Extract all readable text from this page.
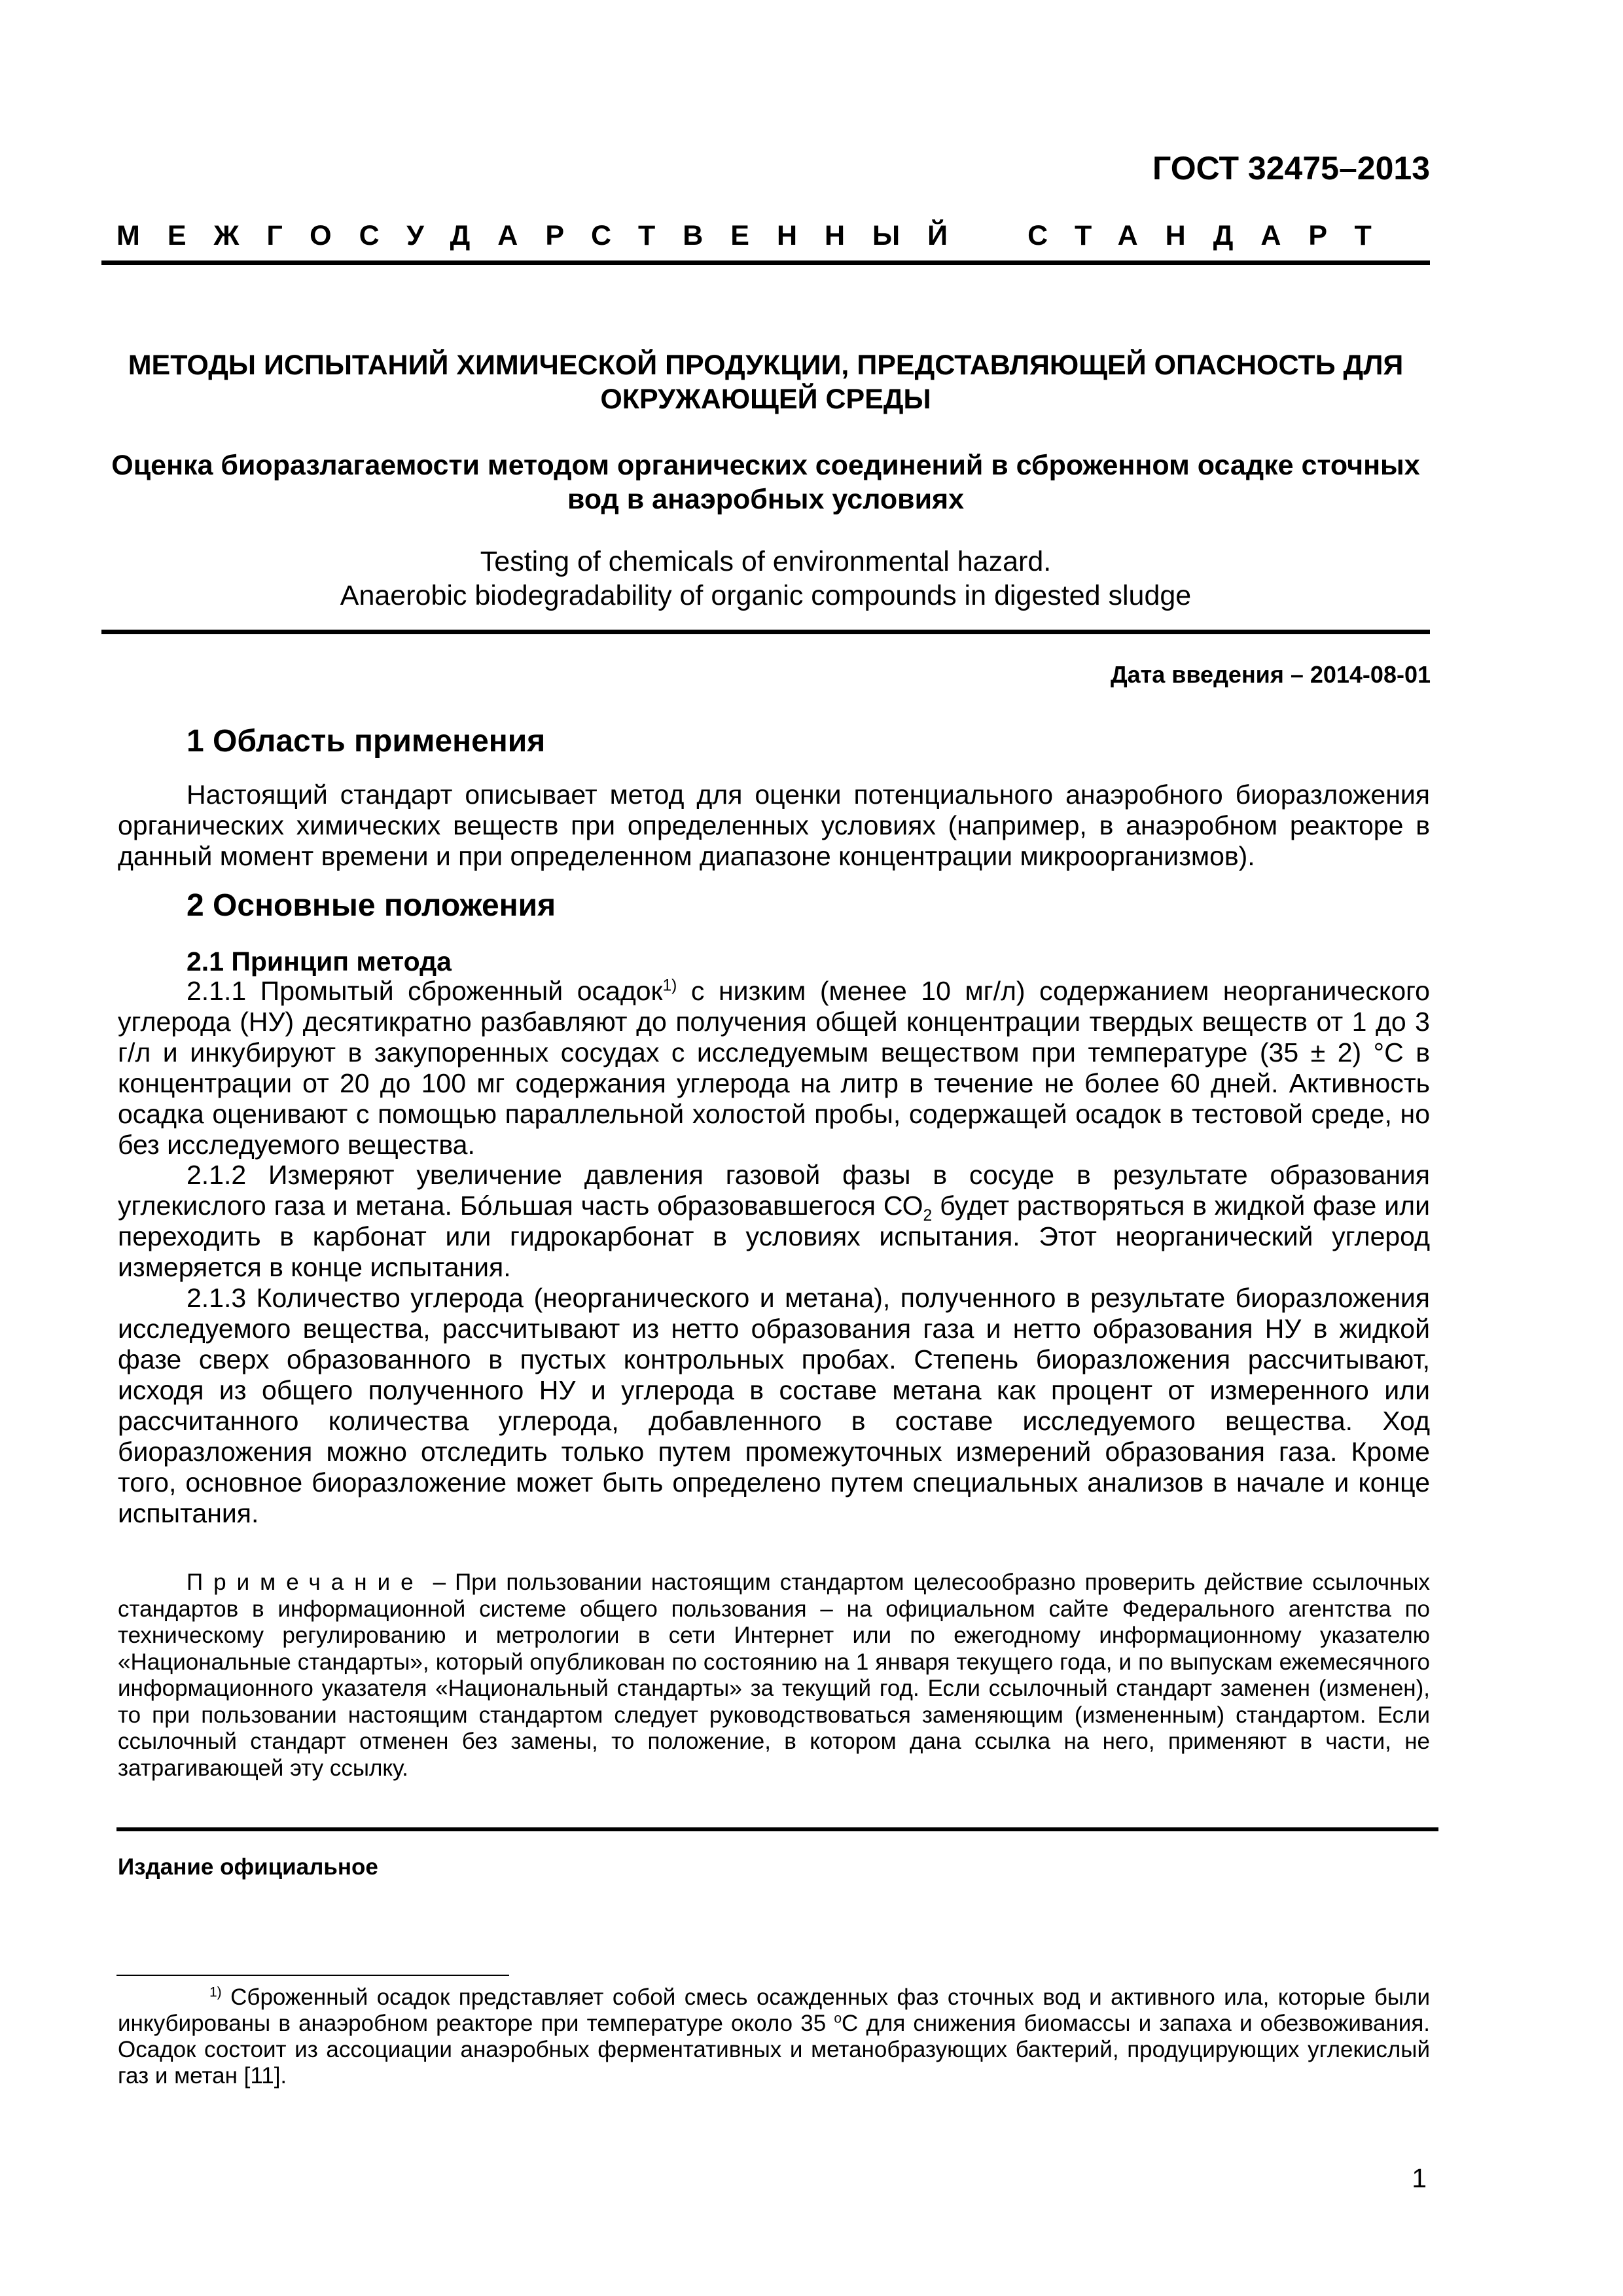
ГОСТ 32475–2013
МЕЖГОСУДАРСТВЕННЫЙ СТАНДАРТ
МЕТОДЫ ИСПЫТАНИЙ ХИМИЧЕСКОЙ ПРОДУКЦИИ, ПРЕДСТАВЛЯЮЩЕЙ ОПАСНОСТЬ ДЛЯ ОКРУЖАЮЩЕЙ СРЕДЫ
Оценка биоразлагаемости методом органических соединений в сброженном осадке сточных вод в анаэробных условиях
Testing of chemicals of environmental hazard.
Anaerobic biodegradability of organic compounds in digested sludge
Дата введения – 2014-08-01
1 Область применения
Настоящий стандарт описывает метод для оценки потенциального анаэробного биоразложения органических химических веществ при определенных условиях (например, в анаэробном реакторе в данный момент времени и при определенном диапазоне концентрации микроорганизмов).
2 Основные положения
2.1 Принцип метода
2.1.1 Промытый сброженный осадок$^{1)}$ с низким (менее 10 мг/л) содержанием неорганического углерода (НУ) десятикратно разбавляют до получения общей концентрации твердых веществ от 1 до 3 г/л и инкубируют в закупоренных сосудах с исследуемым веществом при температуре (35 ± 2) °С в концентрации от 20 до 100 мг содержания углерода на литр в течение не более 60 дней. Активность осадка оценивают с помощью параллельной холостой пробы, содержащей осадок в тестовой среде, но без исследуемого вещества.
2.1.2 Измеряют увеличение давления газовой фазы в сосуде в результате образования углекислого газа и метана. Бóльшая часть образовавшегося $СО_2$ будет растворяться в жидкой фазе или переходить в карбонат или гидрокарбонат в условиях испытания. Этот неорганический углерод измеряется в конце испытания.
2.1.3 Количество углерода (неорганического и метана), полученного в результате биоразложения исследуемого вещества, рассчитывают из нетто образования газа и нетто образования НУ в жидкой фазе сверх образованного в пустых контрольных пробах. Степень биоразложения рассчитывают, исходя из общего полученного НУ и углерода в составе метана как процент от измеренного или рассчитанного количества углерода, добавленного в составе исследуемого вещества. Ход биоразложения можно отследить только путем промежуточных измерений образования газа. Кроме того, основное биоразложение может быть определено путем специальных анализов в начале и конце испытания.
Примечание – При пользовании настоящим стандартом целесообразно проверить действие ссылочных стандартов в информационной системе общего пользования – на официальном сайте Федерального агентства по техническому регулированию и метрологии в сети Интернет или по ежегодному информационному указателю «Национальные стандарты», который опубликован по состоянию на 1 января текущего года, и по выпускам ежемесячного информационного указателя «Национальный стандарты» за текущий год. Если ссылочный стандарт заменен (изменен), то при пользовании настоящим стандартом следует руководствоваться заменяющим (измененным) стандартом. Если ссылочный стандарт отменен без замены, то положение, в котором дана ссылка на него, применяют в части, не затрагивающей эту ссылку.
Издание официальное
$^{1)}$ Сброженный осадок представляет собой смесь осажденных фаз сточных вод и активного ила, которые были инкубированы в анаэробном реакторе при температуре около 35 $^о$С для снижения биомассы и запаха и обезвоживания. Осадок состоит из ассоциации анаэробных ферментативных и метанобразующих бактерий, продуцирующих углекислый газ и метан [11].
1
